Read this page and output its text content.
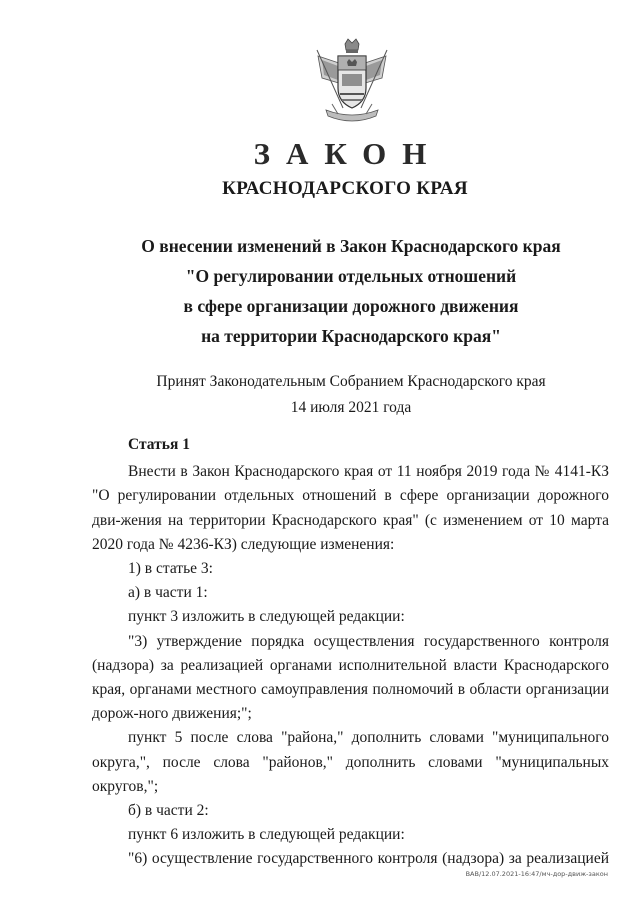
ЗАКОН
КРАСНОДАРСКОГО КРАЯ
О внесении изменений в Закон Краснодарского края
"О регулировании отдельных отношений
в сфере организации дорожного движения
на территории Краснодарского края"
Принят Законодательным Собранием Краснодарского края
14 июля 2021 года
Статья 1

Внести в Закон Краснодарского края от 11 ноября 2019 года № 4141-КЗ "О регулировании отдельных отношений в сфере организации дорожного дви-жения на территории Краснодарского края" (с изменением от 10 марта 2020 года № 4236-КЗ) следующие изменения:

1) в статье 3:

а) в части 1:

пункт 3 изложить в следующей редакции:

"3) утверждение порядка осуществления государственного контроля (надзора) за реализацией органами исполнительной власти Краснодарского края, органами местного самоуправления полномочий в области организации дорож-ного движения;";

пункт 5 после слова "района," дополнить словами "муниципального округа,", после слова "районов," дополнить словами "муниципальных округов,";

б) в части 2:

пункт 6 изложить в следующей редакции:

"6) осуществление государственного контроля (надзора) за реализацией

ВАВ/12.07.2021-16:47/мч-дор-движ-закон
